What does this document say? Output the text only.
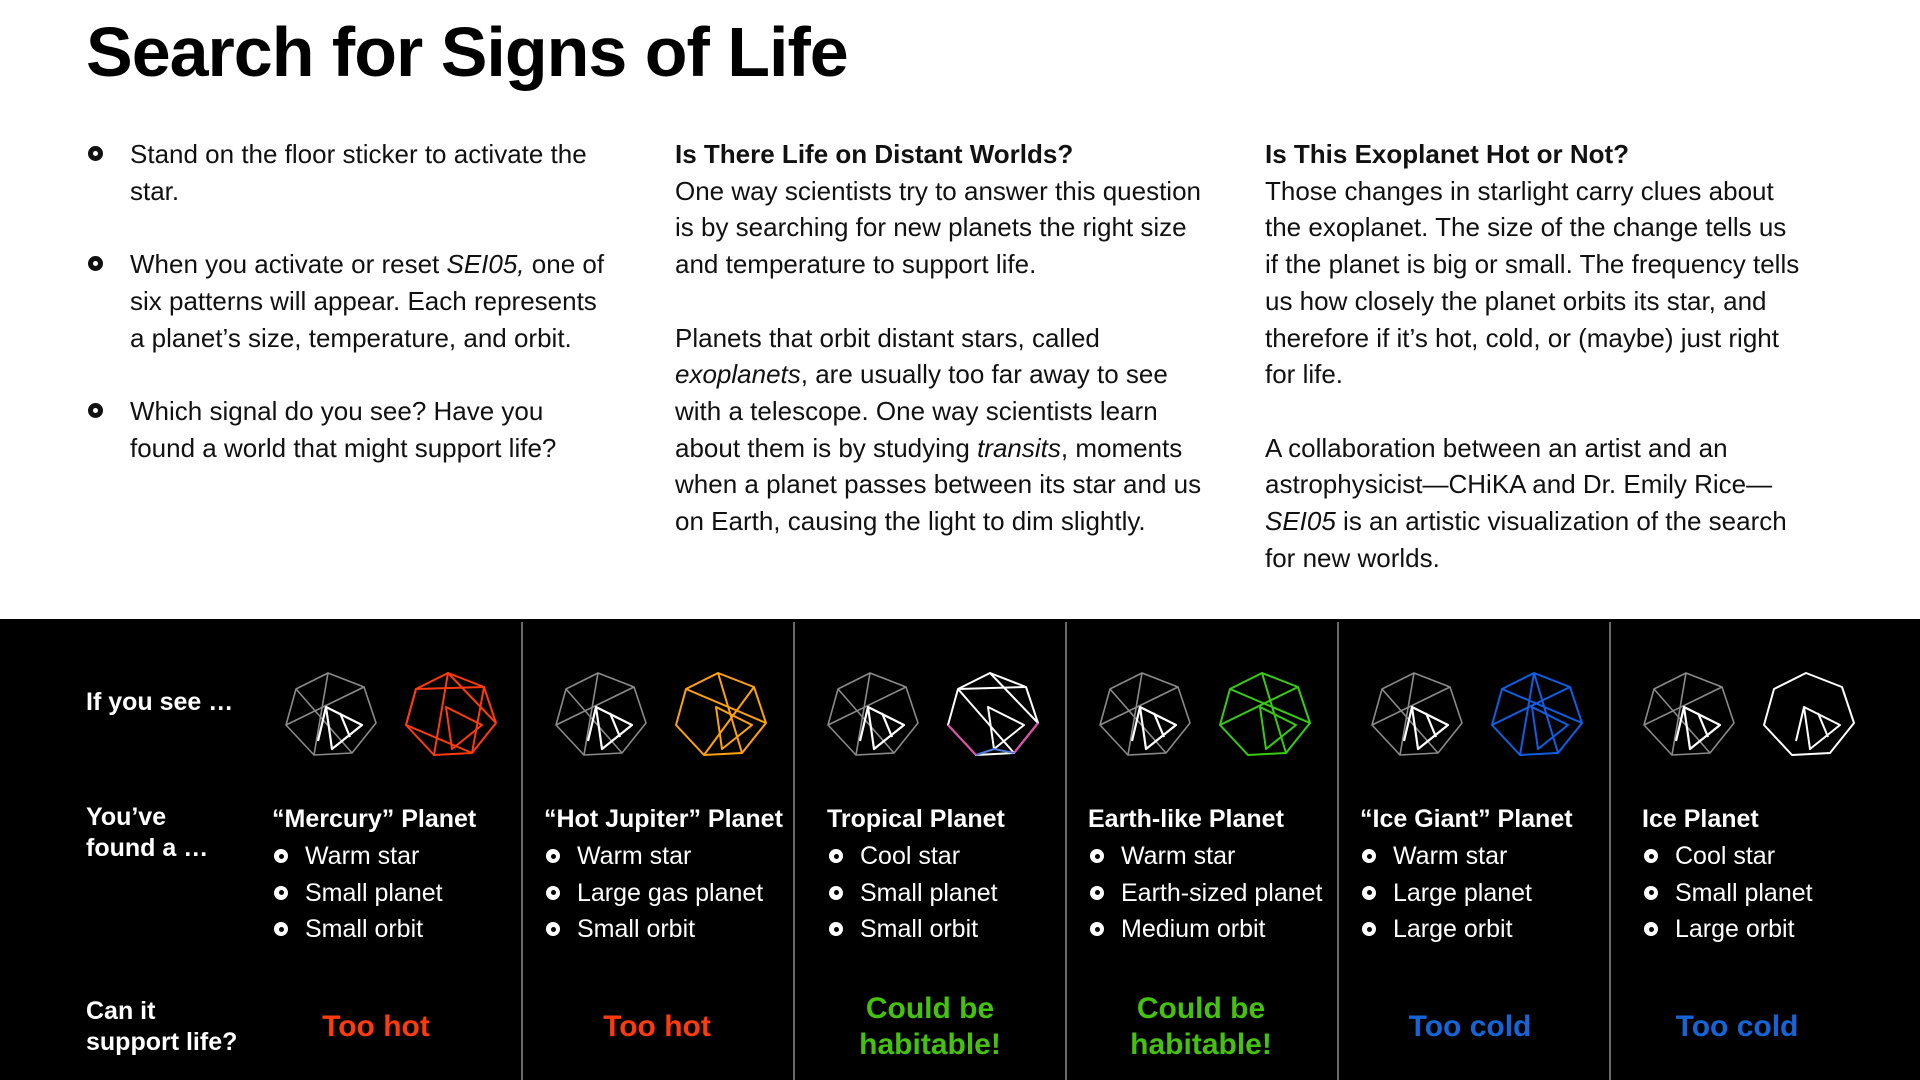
Search for Signs of Life
Stand on the floor sticker to activate the star.
When you activate or reset SEI05, one of six patterns will appear. Each represents a planet’s size, temperature, and orbit.
Which signal do you see? Have you found a world that might support life?
Is There Life on Distant Worlds?
One way scientists try to answer this question is by searching for new planets the right size and temperature to support life.
Planets that orbit distant stars, called exoplanets, are usually too far away to see with a telescope. One way scientists learn about them is by studying transits, moments when a planet passes between its star and us on Earth, causing the light to dim slightly.
Is This Exoplanet Hot or Not?
Those changes in starlight carry clues about the exoplanet. The size of the change tells us if the planet is big or small. The frequency tells us how closely the planet orbits its star, and therefore if it’s hot, cold, or (maybe) just right for life.
A collaboration between an artist and an astrophysicist—CHiKA and Dr. Emily Rice—SEI05 is an artistic visualization of the search for new worlds.
If you see …
You’ve
found a …
Can it
support life?
“Mercury” Planet
Warm star
Small planet
Small orbit
Too hot
“Hot Jupiter” Planet
Warm star
Large gas planet
Small orbit
Too hot
Tropical Planet
Cool star
Small planet
Small orbit
Could be habitable!
Earth-like Planet
Warm star
Earth-sized planet
Medium orbit
Could be habitable!
“Ice Giant” Planet
Warm star
Large planet
Large orbit
Too cold
Ice Planet
Cool star
Small planet
Large orbit
Too cold
